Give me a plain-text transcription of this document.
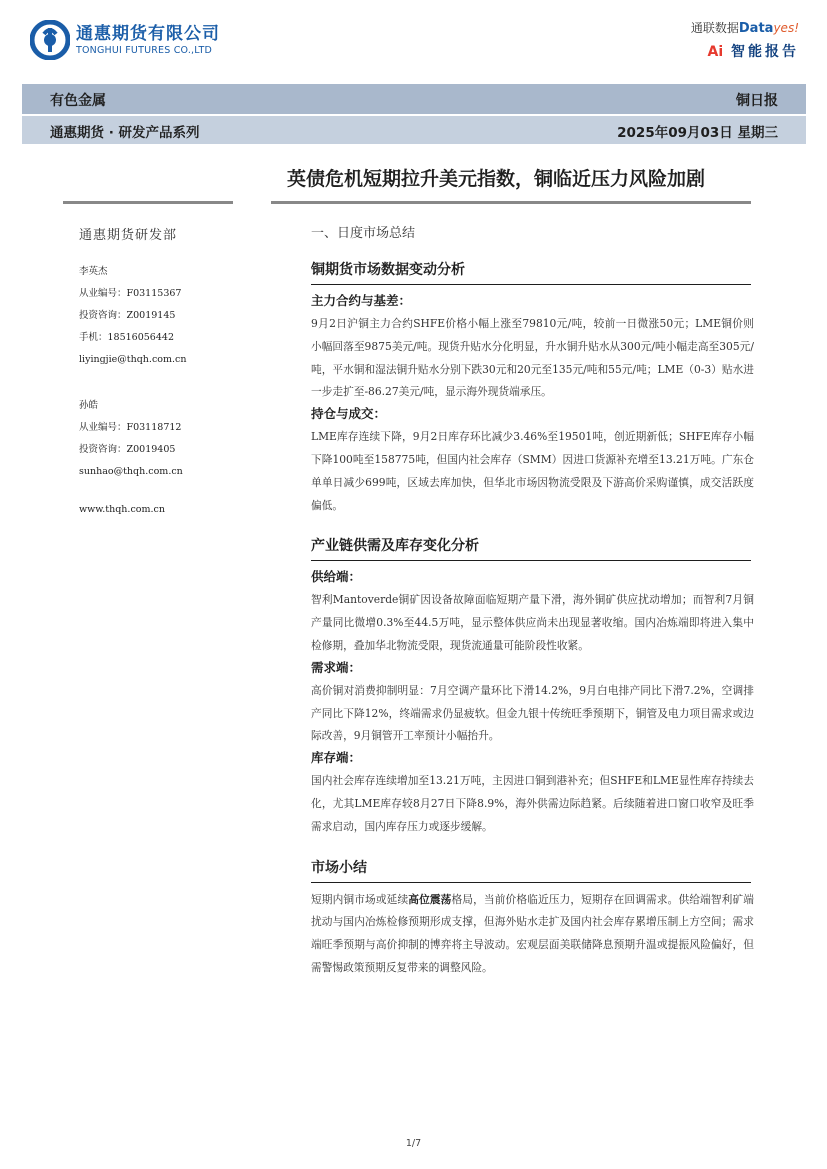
通惠期货有限公司
TONGHUI FUTURES CO.,LTD
通联数据Datayes!
Ai 智能报告
有色金属	铜日报
通惠期货 · 研发产品系列	2025年09月03日 星期三
英债危机短期拉升美元指数，铜临近压力风险加剧
通惠期货研发部
李英杰
从业编号：F03115367
投资咨询：Z0019145
手机：18516056442
liyingjie@thqh.com.cn
孙皓
从业编号：F03118712
投资咨询：Z0019405
sunhao@thqh.com.cn
www.thqh.com.cn
一、日度市场总结
铜期货市场数据变动分析
主力合约与基差：
9月2日沪铜主力合约SHFE价格小幅上涨至79810元/吨，较前一日微涨50元；LME铜价则小幅回落至9875美元/吨。现货升贴水分化明显，升水铜升贴水从300元/吨小幅走高至305元/吨，平水铜和湿法铜升贴水分别下跌30元和20元至135元/吨和55元/吨；LME（0-3）贴水进一步走扩至-86.27美元/吨，显示海外现货端承压。
持仓与成交：
LME库存连续下降，9月2日库存环比减少3.46%至19501吨，创近期新低；SHFE库存小幅下降100吨至158775吨，但国内社会库存（SMM）因进口货源补充增至13.21万吨。广东仓单单日减少699吨，区域去库加快，但华北市场因物流受限及下游高价采购谨慎，成交活跃度偏低。
产业链供需及库存变化分析
供给端：
智利Mantoverde铜矿因设备故障面临短期产量下滑，海外铜矿供应扰动增加；而智利7月铜产量同比微增0.3%至44.5万吨，显示整体供应尚未出现显著收缩。国内冶炼端即将进入集中检修期，叠加华北物流受限，现货流通量可能阶段性收紧。
需求端：
高价铜对消费抑制明显：7月空调产量环比下滑14.2%，9月白电排产同比下滑7.2%，空调排产同比下降12%，终端需求仍显疲软。但金九银十传统旺季预期下，铜管及电力项目需求或边际改善，9月铜管开工率预计小幅抬升。
库存端：
国内社会库存连续增加至13.21万吨，主因进口铜到港补充；但SHFE和LME显性库存持续去化，尤其LME库存较8月27日下降8.9%，海外供需边际趋紧。后续随着进口窗口收窄及旺季需求启动，国内库存压力或逐步缓解。
市场小结
短期内铜市场或延续高位震荡格局，当前价格临近压力，短期存在回调需求。供给端智利矿端扰动与国内冶炼检修预期形成支撑，但海外贴水走扩及国内社会库存累增压制上方空间；需求端旺季预期与高价抑制的博弈将主导波动。宏观层面美联储降息预期升温或提振风险偏好，但需警惕政策预期反复带来的调整风险。
1/7
